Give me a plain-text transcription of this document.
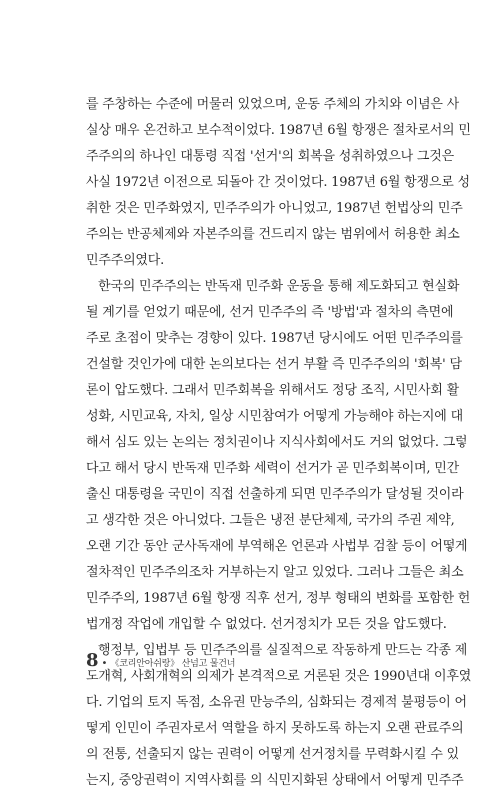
를 주창하는 수준에 머물러 있었으며, 운동 주체의 가치와 이념은 사
실상 매우 온건하고 보수적이었다. 1987년 6월 항쟁은 절차로서의 민
주주의의 하나인 대통령 직접 '선거'의 회복을 성취하였으나 그것은
사실 1972년 이전으로 되돌아 간 것이었다. 1987년 6월 항쟁으로 성
취한 것은 민주화였지, 민주주의가 아니었고, 1987년 헌법상의 민주
주의는 반공체제와 자본주의를 건드리지 않는 범위에서 허용한 최소
민주주의였다.

한국의 민주주의는 반독재 민주화 운동을 통해 제도화되고 현실화
될 계기를 얻었기 때문에, 선거 민주주의 즉 '방법'과 절차의 측면에
주로 초점이 맞추는 경향이 있다. 1987년 당시에도 어떤 민주주의를
건설할 것인가에 대한 논의보다는 선거 부활 즉 민주주의의 '회복' 담
론이 압도했다. 그래서 민주회복을 위해서도 정당 조직, 시민사회 활
성화, 시민교육, 자치, 일상 시민참여가 어떻게 가능해야 하는지에 대
해서 심도 있는 논의는 정치권이나 지식사회에서도 거의 없었다. 그렇
다고 해서 당시 반독재 민주화 세력이 선거가 곧 민주회복이며, 민간
출신 대통령을 국민이 직접 선출하게 되면 민주주의가 달성될 것이라
고 생각한 것은 아니었다. 그들은 냉전 분단체제, 국가의 주권 제약,
오랜 기간 동안 군사독재에 부역해온 언론과 사법부 검찰 등이 어떻게
절차적인 민주주의조차 거부하는지 알고 있었다. 그러나 그들은 최소
민주주의, 1987년 6월 항쟁 직후 선거, 정부 형태의 변화를 포함한 헌
법개정 작업에 개입할 수 없었다. 선거정치가 모든 것을 압도했다.

행정부, 입법부 등 민주주의를 실질적으로 작동하게 만드는 각종 제
도개혁, 사회개혁의 의제가 본격적으로 거론된 것은 1990년대 이후였
다. 기업의 토지 독점, 소유권 만능주의, 심화되는 경제적 불평등이 어
떻게 인민이 주권자로서 역할을 하지 못하도록 하는지 오랜 관료주의
의 전통, 선출되지 않는 권력이 어떻게 선거정치를 무력화시킬 수 있
는지, 중앙권력이 지역사회를 의 식민지화된 상태에서 어떻게 민주주

8 • 《코리안아쉬랑》 산넘고 물건너
